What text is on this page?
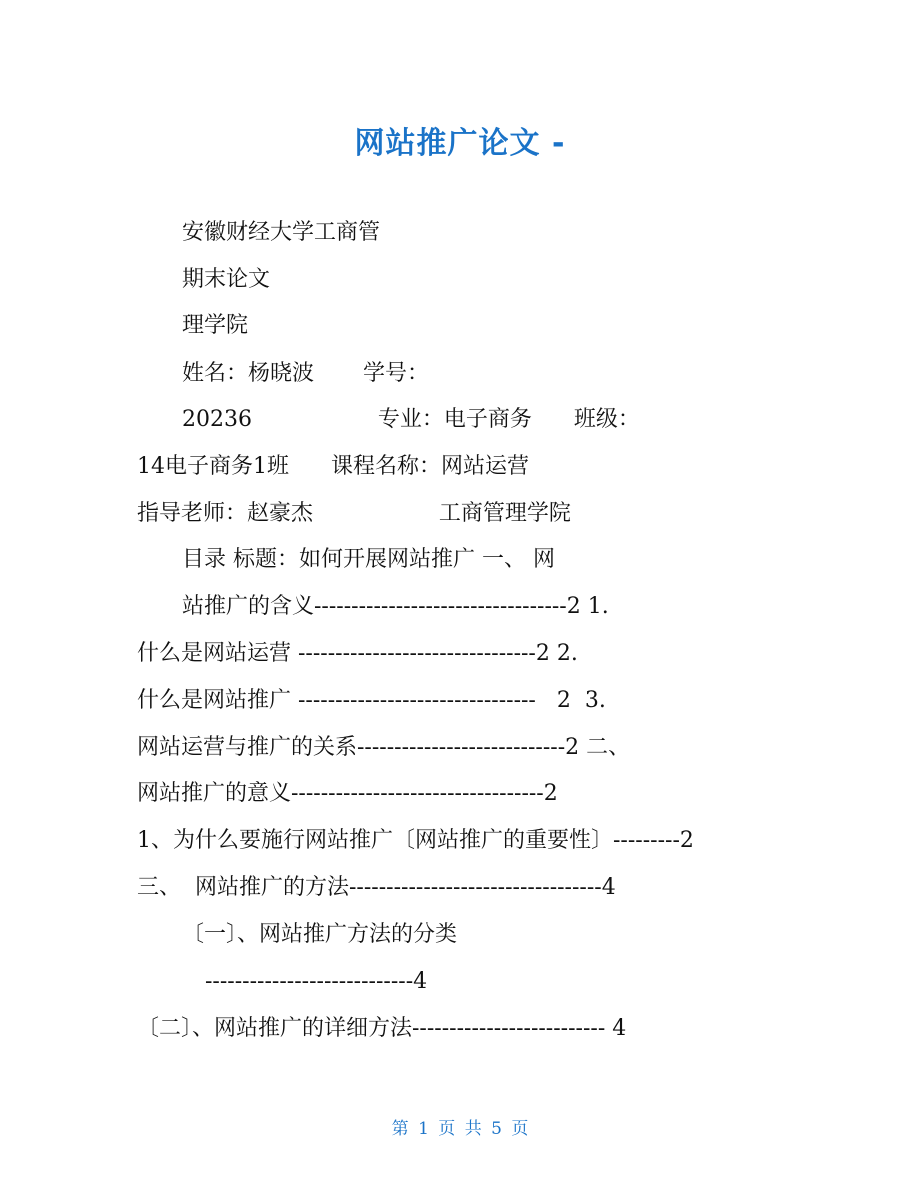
网站推广论文 -
安徽财经大学工商管
期末论文
理学院
姓名：杨晓波       学号：
20236                  专业：电子商务      班级：
14电子商务1班      课程名称：网站运营
指导老师：赵豪杰                  工商管理学院
目录 标题：如何开展网站推广 一、 网
站推广的含义----------------------------------2 1.
什么是网站运营 --------------------------------2 2.
什么是网站推广 --------------------------------   2  3.
网站运营与推广的关系----------------------------2 二、
网站推广的意义----------------------------------2
1、为什么要施行网站推广〔网站推广的重要性〕---------2
三、  网站推广的方法----------------------------------4
〔一〕、网站推广方法的分类
----------------------------4
〔二〕、网站推广的详细方法-------------------------- 4
第 1 页 共 5 页
